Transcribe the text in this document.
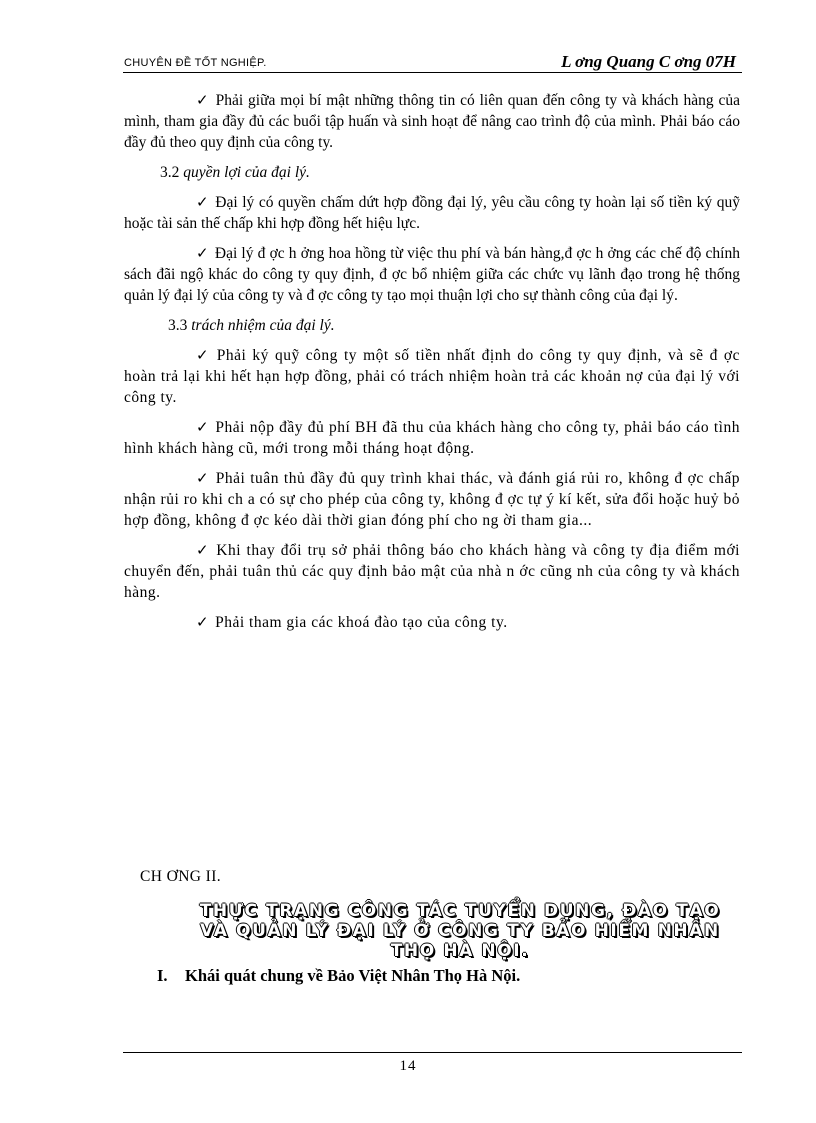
CHUYÊN ĐỀ TỐT NGHIỆP.	L ơng Quang C ơng 07H

✓ Phải giữa mọi bí mật những thông tin có liên quan đến công ty và khách hàng của mình, tham gia đầy đủ các buổi tập huấn và sinh hoạt để nâng cao trình độ của mình. Phải báo cáo đầy đủ theo quy định của công ty.

3.2 quyền lợi của đại lý.

✓ Đại lý có quyền chấm dứt hợp đồng đại lý, yêu cầu công ty hoàn lại số tiền ký quỹ hoặc tài sản thế chấp khi hợp đồng hết hiệu lực.

✓ Đại lý đ ợc h ởng hoa hồng từ việc thu phí và bán hàng,đ ợc h ởng các chế độ chính sách đãi ngộ khác do công ty quy định, đ ợc bổ nhiệm giữa các chức vụ lãnh đạo trong hệ thống quản lý đại lý của công ty và đ ợc công ty tạo mọi thuận lợi cho sự thành công của đại lý.

3.3 trách nhiệm của đại lý.

✓ Phải ký quỹ công ty một số tiền nhất định do công ty quy định, và sẽ đ ợc hoàn trả lại khi hết hạn hợp đồng, phải có trách nhiệm hoàn trả các khoản nợ của đại lý với công ty.

✓ Phải nộp đầy đủ phí BH đã thu của khách hàng cho công ty, phải báo cáo tình hình khách hàng cũ, mới trong mỗi tháng hoạt động.

✓ Phải tuân thủ đầy đủ quy trình khai thác, và đánh giá rủi ro, không đ ợc chấp nhận rủi ro khi ch a có sự cho phép của công ty, không đ ợc tự ý kí kết, sửa đổi hoặc huỷ bỏ hợp đồng, không đ ợc kéo dài thời gian đóng phí cho ng ời tham gia...

✓ Khi thay đổi trụ sở phải thông báo cho khách hàng và công ty địa điểm mới chuyển đến, phải tuân thủ các quy định bảo mật của nhà n ớc cũng nh của công ty và khách hàng.

✓ Phải tham gia các khoá đào tạo của công ty.

CH ƠNG II.
THỰC TRẠNG CÔNG TÁC TUYỂN DỤNG, ĐÀO TẠO
VÀ QUẢN LÝ ĐẠI LÝ Ở CÔNG TY BẢO HIỂM NHÂN
THỌ HÀ NỘI.
I. Khái quát chung về Bảo Việt Nhân Thọ Hà Nội.
14
